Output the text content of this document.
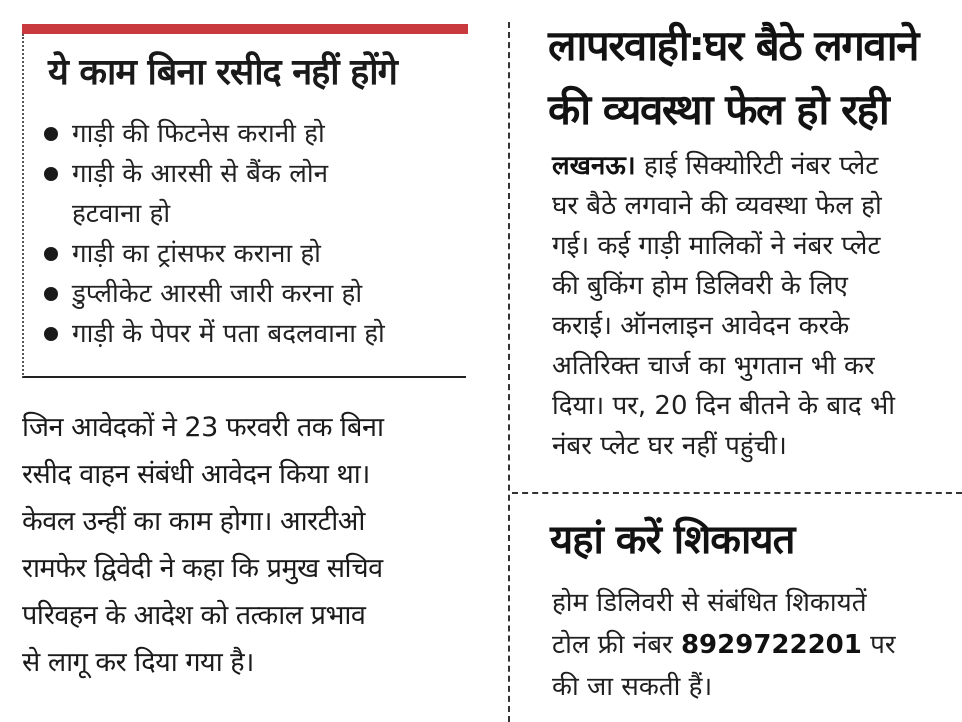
ये काम बिना रसीद नहीं होंगे
गाड़ी की फिटनेस करानी हो
गाड़ी के आरसी से बैंक लोन
हटवाना हो
गाड़ी का ट्रांसफर कराना हो
डुप्लीकेट आरसी जारी करना हो
गाड़ी के पेपर में पता बदलवाना हो

जिन आवेदकों ने 23 फरवरी तक बिना
रसीद वाहन संबंधी आवेदन किया था।
केवल उन्हीं का काम होगा। आरटीओ
रामफेर द्विवेदी ने कहा कि प्रमुख सचिव
परिवहन के आदेश को तत्काल प्रभाव
से लागू कर दिया गया है।

लापरवाही:घर बैठे लगवाने
की व्यवस्था फेल हो रही

लखनऊ। हाई सिक्योरिटी नंबर प्लेट
घर बैठे लगवाने की व्यवस्था फेल हो
गई। कई गाड़ी मालिकों ने नंबर प्लेट
की बुकिंग होम डिलिवरी के लिए
कराई। ऑनलाइन आवेदन करके
अतिरिक्त चार्ज का भुगतान भी कर
दिया। पर, 20 दिन बीतने के बाद भी
नंबर प्लेट घर नहीं पहुंची।

यहां करें शिकायत

होम डिलिवरी से संबंधित शिकायतें
टोल फ्री नंबर 8929722201 पर
की जा सकती हैं।
